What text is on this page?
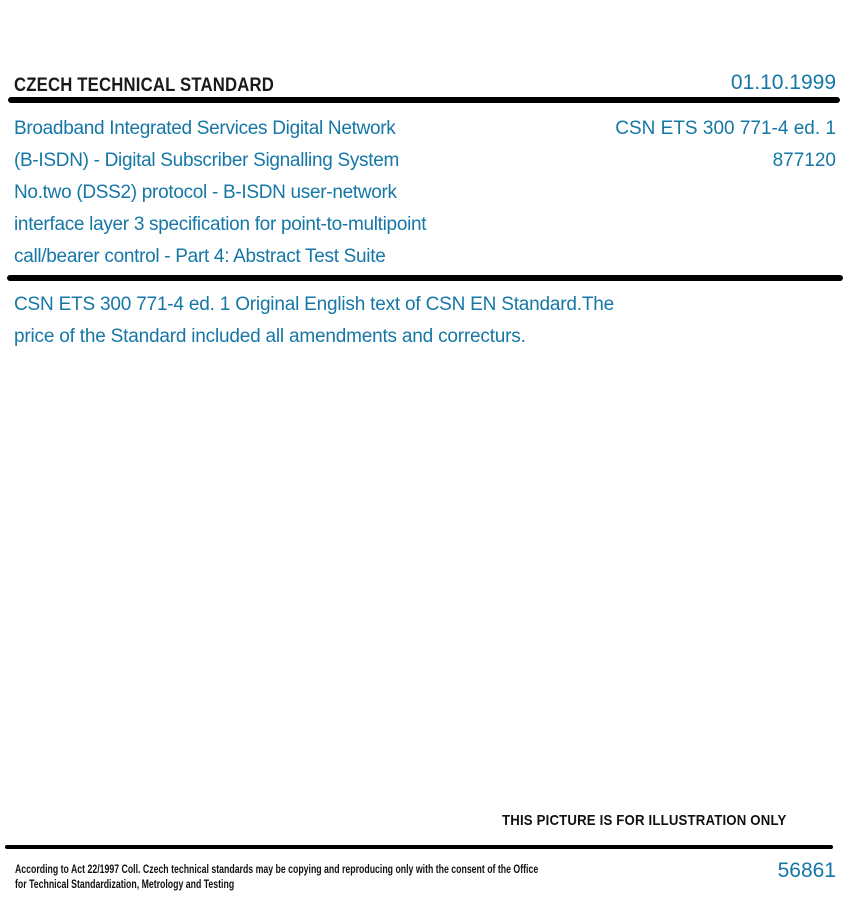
CZECH TECHNICAL STANDARD	01.10.1999
Broadband Integrated Services Digital Network
(B-ISDN) - Digital Subscriber Signalling System
No.two (DSS2) protocol - B-ISDN user-network
interface layer 3 specification for point-to-multipoint
call/bearer control - Part 4: Abstract Test Suite
CSN ETS 300 771-4 ed. 1
877120
CSN ETS 300 771-4 ed. 1 Original English text of CSN EN Standard.The
price of the Standard included all amendments and correcturs.
THIS PICTURE IS FOR ILLUSTRATION ONLY
According to Act 22/1997 Coll. Czech technical standards may be copying and reproducing only with the consent of the Office
for Technical Standardization, Metrology and Testing
56861
